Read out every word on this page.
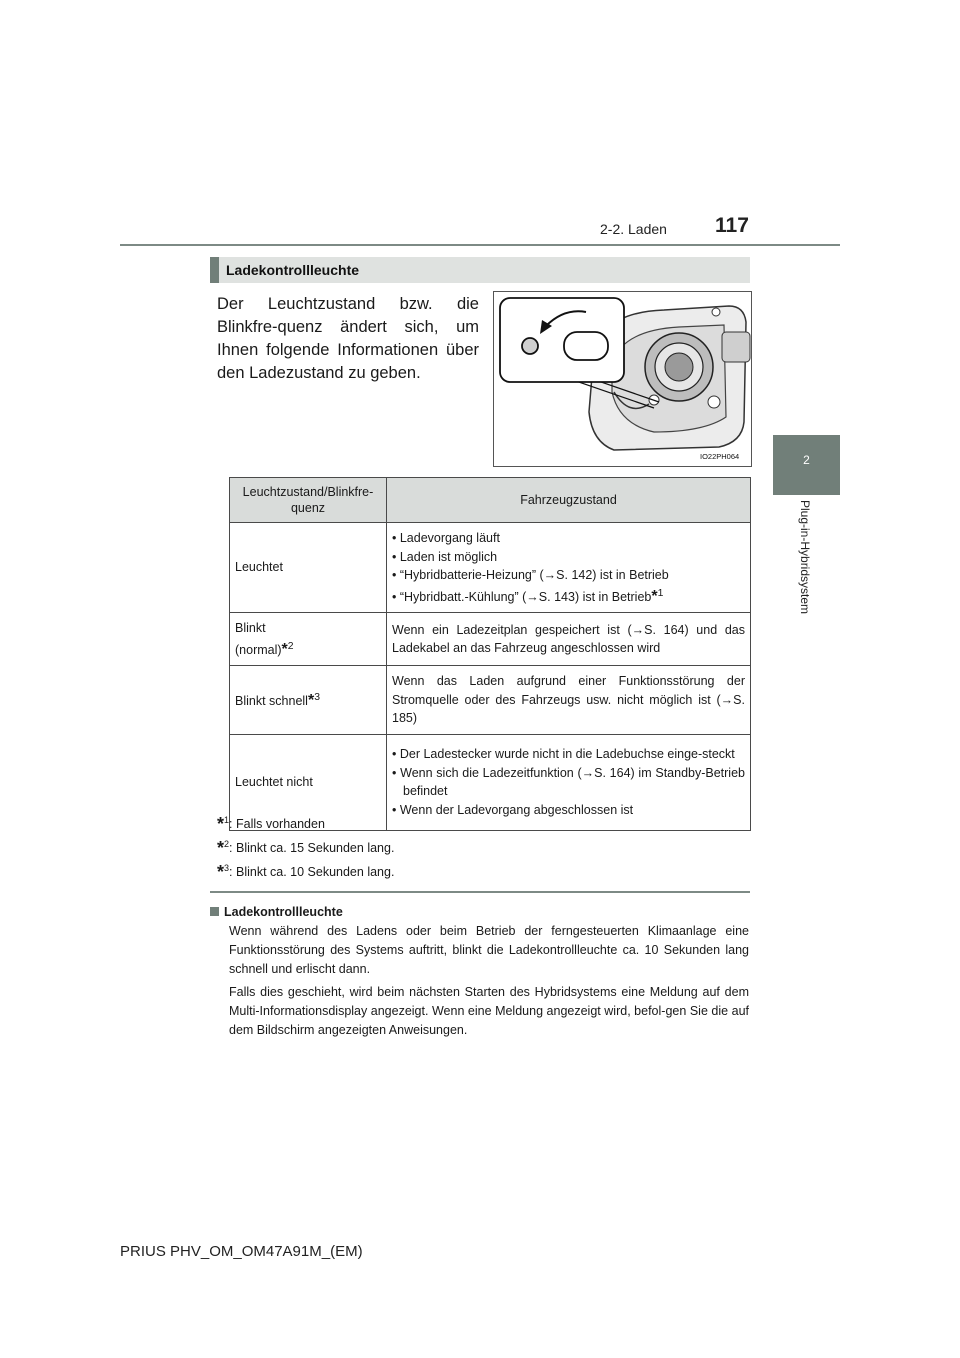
2-2. Laden 117
2
Plug-in-Hybridsystem
Ladekontrollleuchte
Der Leuchtzustand bzw. die Blinkfre-quenz ändert sich, um Ihnen folgende Informationen über den Ladezustand zu geben.
IO22PH064
Leuchtzustand/Blinkfre-quenz	Fahrzeugzustand
Leuchtet	• Ladevorgang läuft
• Laden ist möglich
• “Hybridbatterie-Heizung” (→S. 142) ist in Betrieb
• “Hybridbatt.-Kühlung” (→S. 143) ist in Betrieb*$^1$

Blinkt
(normal)*$^2$	Wenn ein Ladezeitplan gespeichert ist (→S. 164) und das Ladekabel an das Fahrzeug angeschlossen wird
Blinkt schnell*$^3$	Wenn das Laden aufgrund einer Funktionsstörung der Stromquelle oder des Fahrzeugs usw. nicht möglich ist (→S. 185)
Leuchtet nicht	• Der Ladestecker wurde nicht in die Ladebuchse einge-steckt
• Wenn sich die Ladezeitfunktion (→S. 164) im Standby-Betrieb befindet
• Wenn der Ladevorgang abgeschlossen ist
*$^1$: Falls vorhanden
*$^2$: Blinkt ca. 15 Sekunden lang.
*$^3$: Blinkt ca. 10 Sekunden lang.
Ladekontrollleuchte
Wenn während des Ladens oder beim Betrieb der ferngesteuerten Klimaanlage eine Funktionsstörung des Systems auftritt, blinkt die Ladekontrollleuchte ca. 10 Sekunden lang schnell und erlischt dann.
Falls dies geschieht, wird beim nächsten Starten des Hybridsystems eine Meldung auf dem Multi-Informationsdisplay angezeigt. Wenn eine Meldung angezeigt wird, befol-gen Sie die auf dem Bildschirm angezeigten Anweisungen.
PRIUS PHV_OM_OM47A91M_(EM)
